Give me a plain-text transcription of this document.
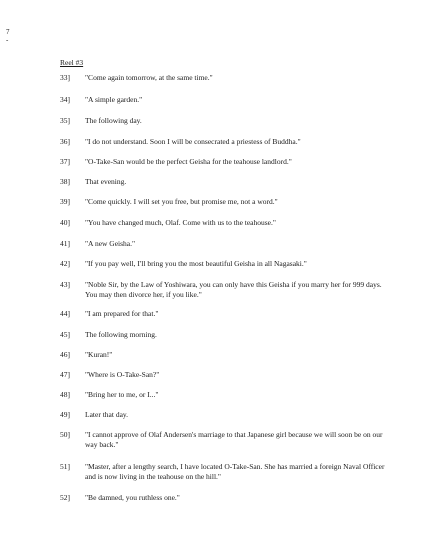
7
-
Reel #3
33]	"Come again tomorrow, at the same time."
34]	"A simple garden."
35]	The following day.
36]	"I do not understand. Soon I will be consecrated a priestess of Buddha."
37]	"O-Take-San would be the perfect Geisha for the teahouse landlord."
38]	That evening.
39]	"Come quickly. I will set you free, but promise me, not a word."
40]	"You have changed much, Olaf. Come with us to the teahouse."
41]	"A new Geisha."
42]	"If you pay well, I'll bring you the most beautiful Geisha in all Nagasaki."
43]	"Noble Sir, by the Law of Yoshiwara, you can only have this Geisha if you marry her for 999 days. You may then divorce her, if you like."
44]	"I am prepared for that."
45]	The following morning.
46]	"Kuran!"
47]	"Where is O-Take-San?"
48]	"Bring her to me, or I..."
49]	Later that day.
50]	"I cannot approve of Olaf Andersen's marriage to that Japanese girl because we will soon be on our way back."
51]	"Master, after a lengthy search, I have located O-Take-San. She has married a foreign Naval Officer and is now living in the teahouse on the hill."
52]	"Be damned, you ruthless one."
